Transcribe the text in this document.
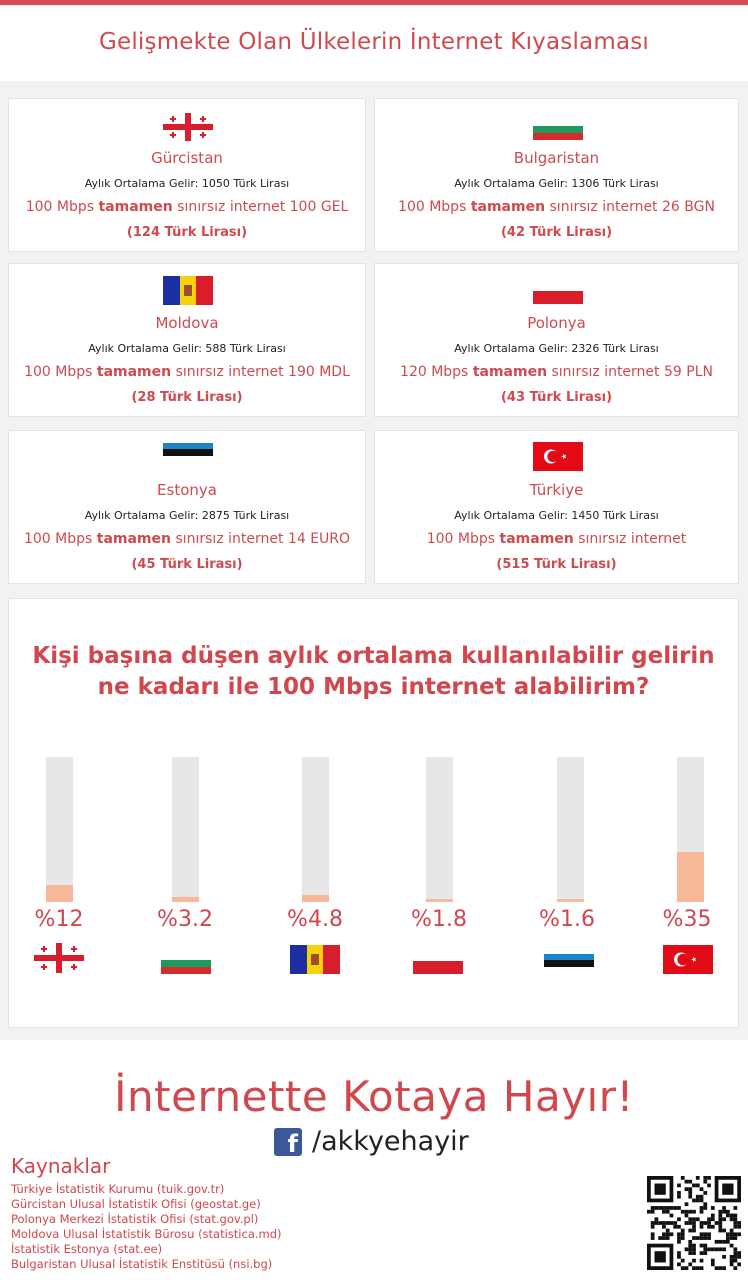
Gelişmekte Olan Ülkelerin İnternet Kıyaslaması
Gürcistan
Aylık Ortalama Gelir: 1050 Türk Lirası
100 Mbps tamamen sınırsız internet 100 GEL
(124 Türk Lirası)
Bulgaristan
Aylık Ortalama Gelir: 1306 Türk Lirası
100 Mbps tamamen sınırsız internet 26 BGN
(42 Türk Lirası)
Moldova
Aylık Ortalama Gelir: 588 Türk Lirası
100 Mbps tamamen sınırsız internet 190 MDL
(28 Türk Lirası)
Polonya
Aylık Ortalama Gelir: 2326 Türk Lirası
120 Mbps tamamen sınırsız internet 59 PLN
(43 Türk Lirası)
Estonya
Aylık Ortalama Gelir: 2875 Türk Lirası
100 Mbps tamamen sınırsız internet 14 EURO
(45 Türk Lirası)
Türkiye
Aylık Ortalama Gelir: 1450 Türk Lirası
100 Mbps tamamen sınırsız internet
(515 Türk Lirası)
Kişi başına düşen aylık ortalama kullanılabilir gelirin
ne kadarı ile 100 Mbps internet alabilirim?
%12	%3.2	%4.8	%1.8	%1.6	%35
İnternette Kotaya Hayır!
f /akkyehayir
Kaynaklar
Türkiye İstatistik Kurumu (tuik.gov.tr)
Gürcistan Ulusal İstatistik Ofisi (geostat.ge)
Polonya Merkezi İstatistik Ofisi (stat.gov.pl)
Moldova Ulusal İstatistik Bürosu (statistica.md)
İstatistik Estonya (stat.ee)
Bulgaristan Ulusal İstatistik Enstitüsü (nsi.bg)
